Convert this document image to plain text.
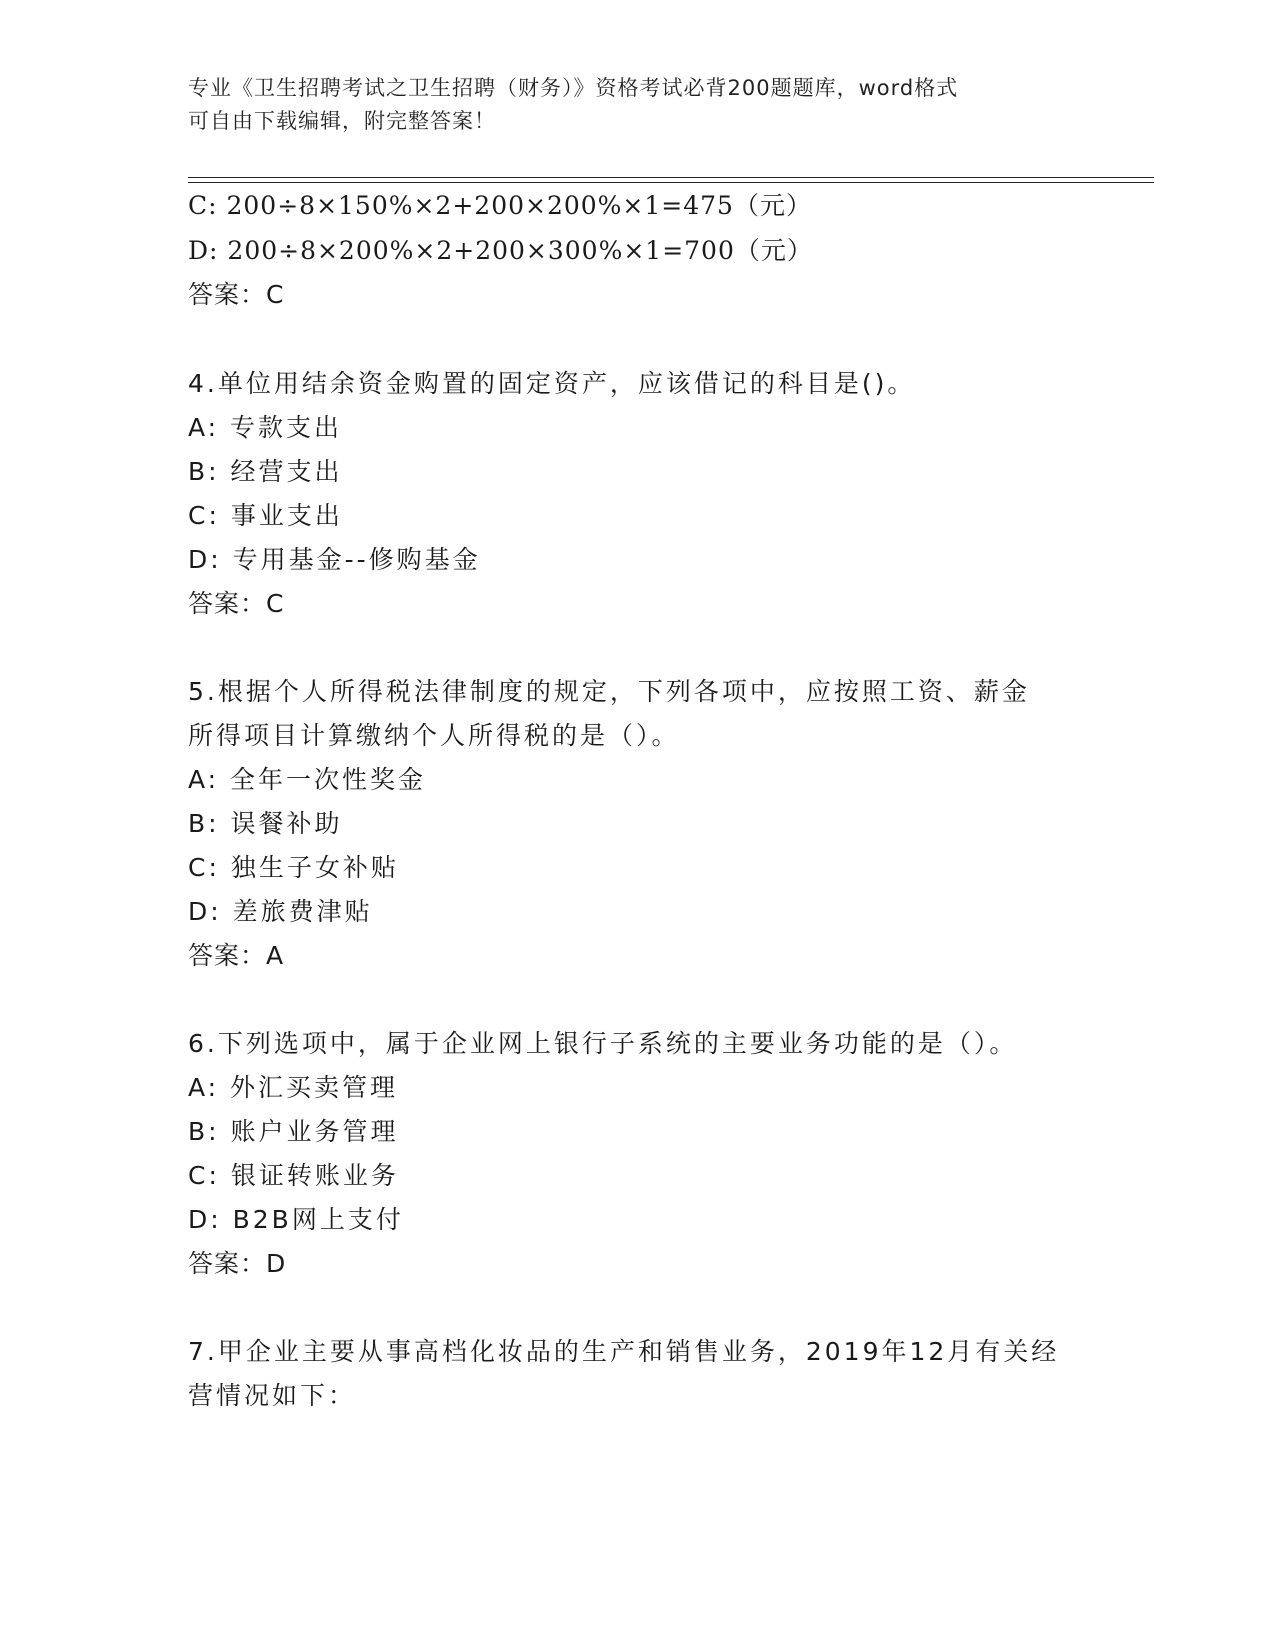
专业《卫生招聘考试之卫生招聘（财务）》资格考试必背200题题库，word格式
可自由下载编辑，附完整答案！
C: 200÷8×150%×2+200×200%×1=475（元）
D: 200÷8×200%×2+200×300%×1=700（元）
答案：C
4.单位用结余资金购置的固定资产，应该借记的科目是()。
A: 专款支出
B: 经营支出
C: 事业支出
D: 专用基金--修购基金
答案：C
5.根据个人所得税法律制度的规定，下列各项中，应按照工资、薪金
所得项目计算缴纳个人所得税的是（）。
A: 全年一次性奖金
B: 误餐补助
C: 独生子女补贴
D: 差旅费津贴
答案：A
6.下列选项中，属于企业网上银行子系统的主要业务功能的是（）。
A: 外汇买卖管理
B: 账户业务管理
C: 银证转账业务
D: B2B网上支付
答案：D
7.甲企业主要从事高档化妆品的生产和销售业务，2019年12月有关经
营情况如下：
